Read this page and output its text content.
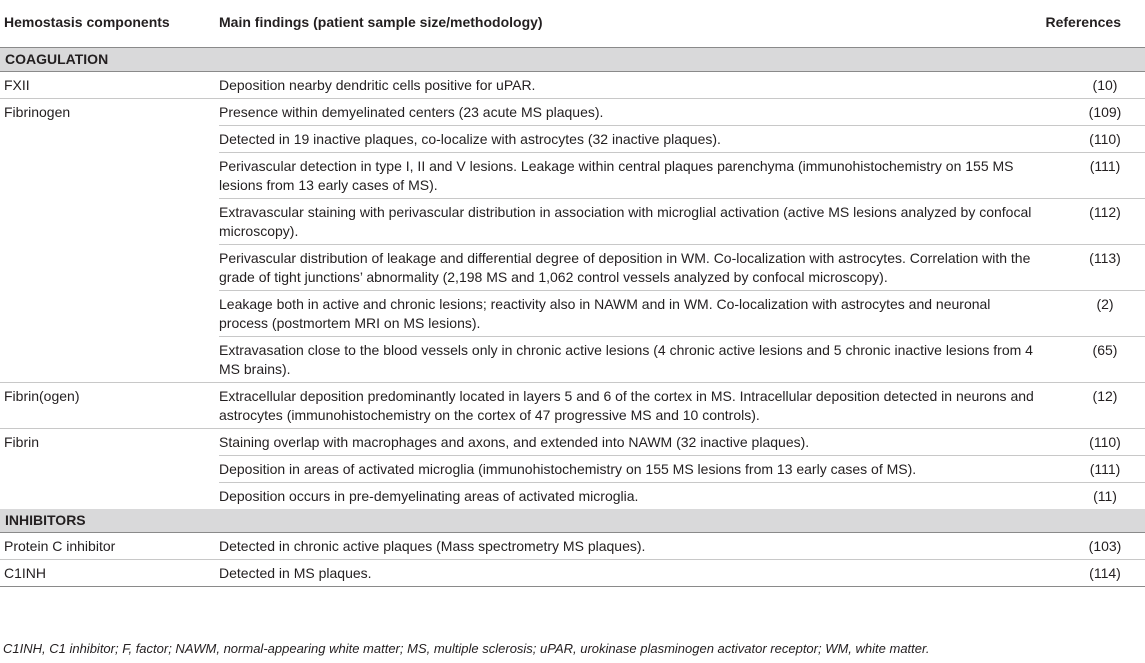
Hemostasis components	Main findings (patient sample size/methodology)	References
COAGULATION		
FXII	Deposition nearby dendritic cells positive for uPAR.	(10)
Fibrinogen	Presence within demyelinated centers (23 acute MS plaques).	(109)
	Detected in 19 inactive plaques, co-localize with astrocytes (32 inactive plaques).	(110)
	Perivascular detection in type I, II and V lesions. Leakage within central plaques parenchyma (immunohistochemistry on 155 MS lesions from 13 early cases of MS).	(111)
	Extravascular staining with perivascular distribution in association with microglial activation (active MS lesions analyzed by confocal microscopy).	(112)
	Perivascular distribution of leakage and differential degree of deposition in WM. Co-localization with astrocytes. Correlation with the grade of tight junctions’ abnormality (2,198 MS and 1,062 control vessels analyzed by confocal microscopy).	(113)
	Leakage both in active and chronic lesions; reactivity also in NAWM and in WM. Co-localization with astrocytes and neuronal process (postmortem MRI on MS lesions).	(2)
	Extravasation close to the blood vessels only in chronic active lesions (4 chronic active lesions and 5 chronic inactive lesions from 4 MS brains).	(65)
Fibrin(ogen)	Extracellular deposition predominantly located in layers 5 and 6 of the cortex in MS. Intracellular deposition detected in neurons and astrocytes (immunohistochemistry on the cortex of 47 progressive MS and 10 controls).	(12)
Fibrin	Staining overlap with macrophages and axons, and extended into NAWM (32 inactive plaques).	(110)
	Deposition in areas of activated microglia (immunohistochemistry on 155 MS lesions from 13 early cases of MS).	(111)
	Deposition occurs in pre-demyelinating areas of activated microglia.	(11)
INHIBITORS		
Protein C inhibitor	Detected in chronic active plaques (Mass spectrometry MS plaques).	(103)
C1INH	Detected in MS plaques.	(114)
C1INH, C1 inhibitor; F, factor; NAWM, normal-appearing white matter; MS, multiple sclerosis; uPAR, urokinase plasminogen activator receptor; WM, white matter.
